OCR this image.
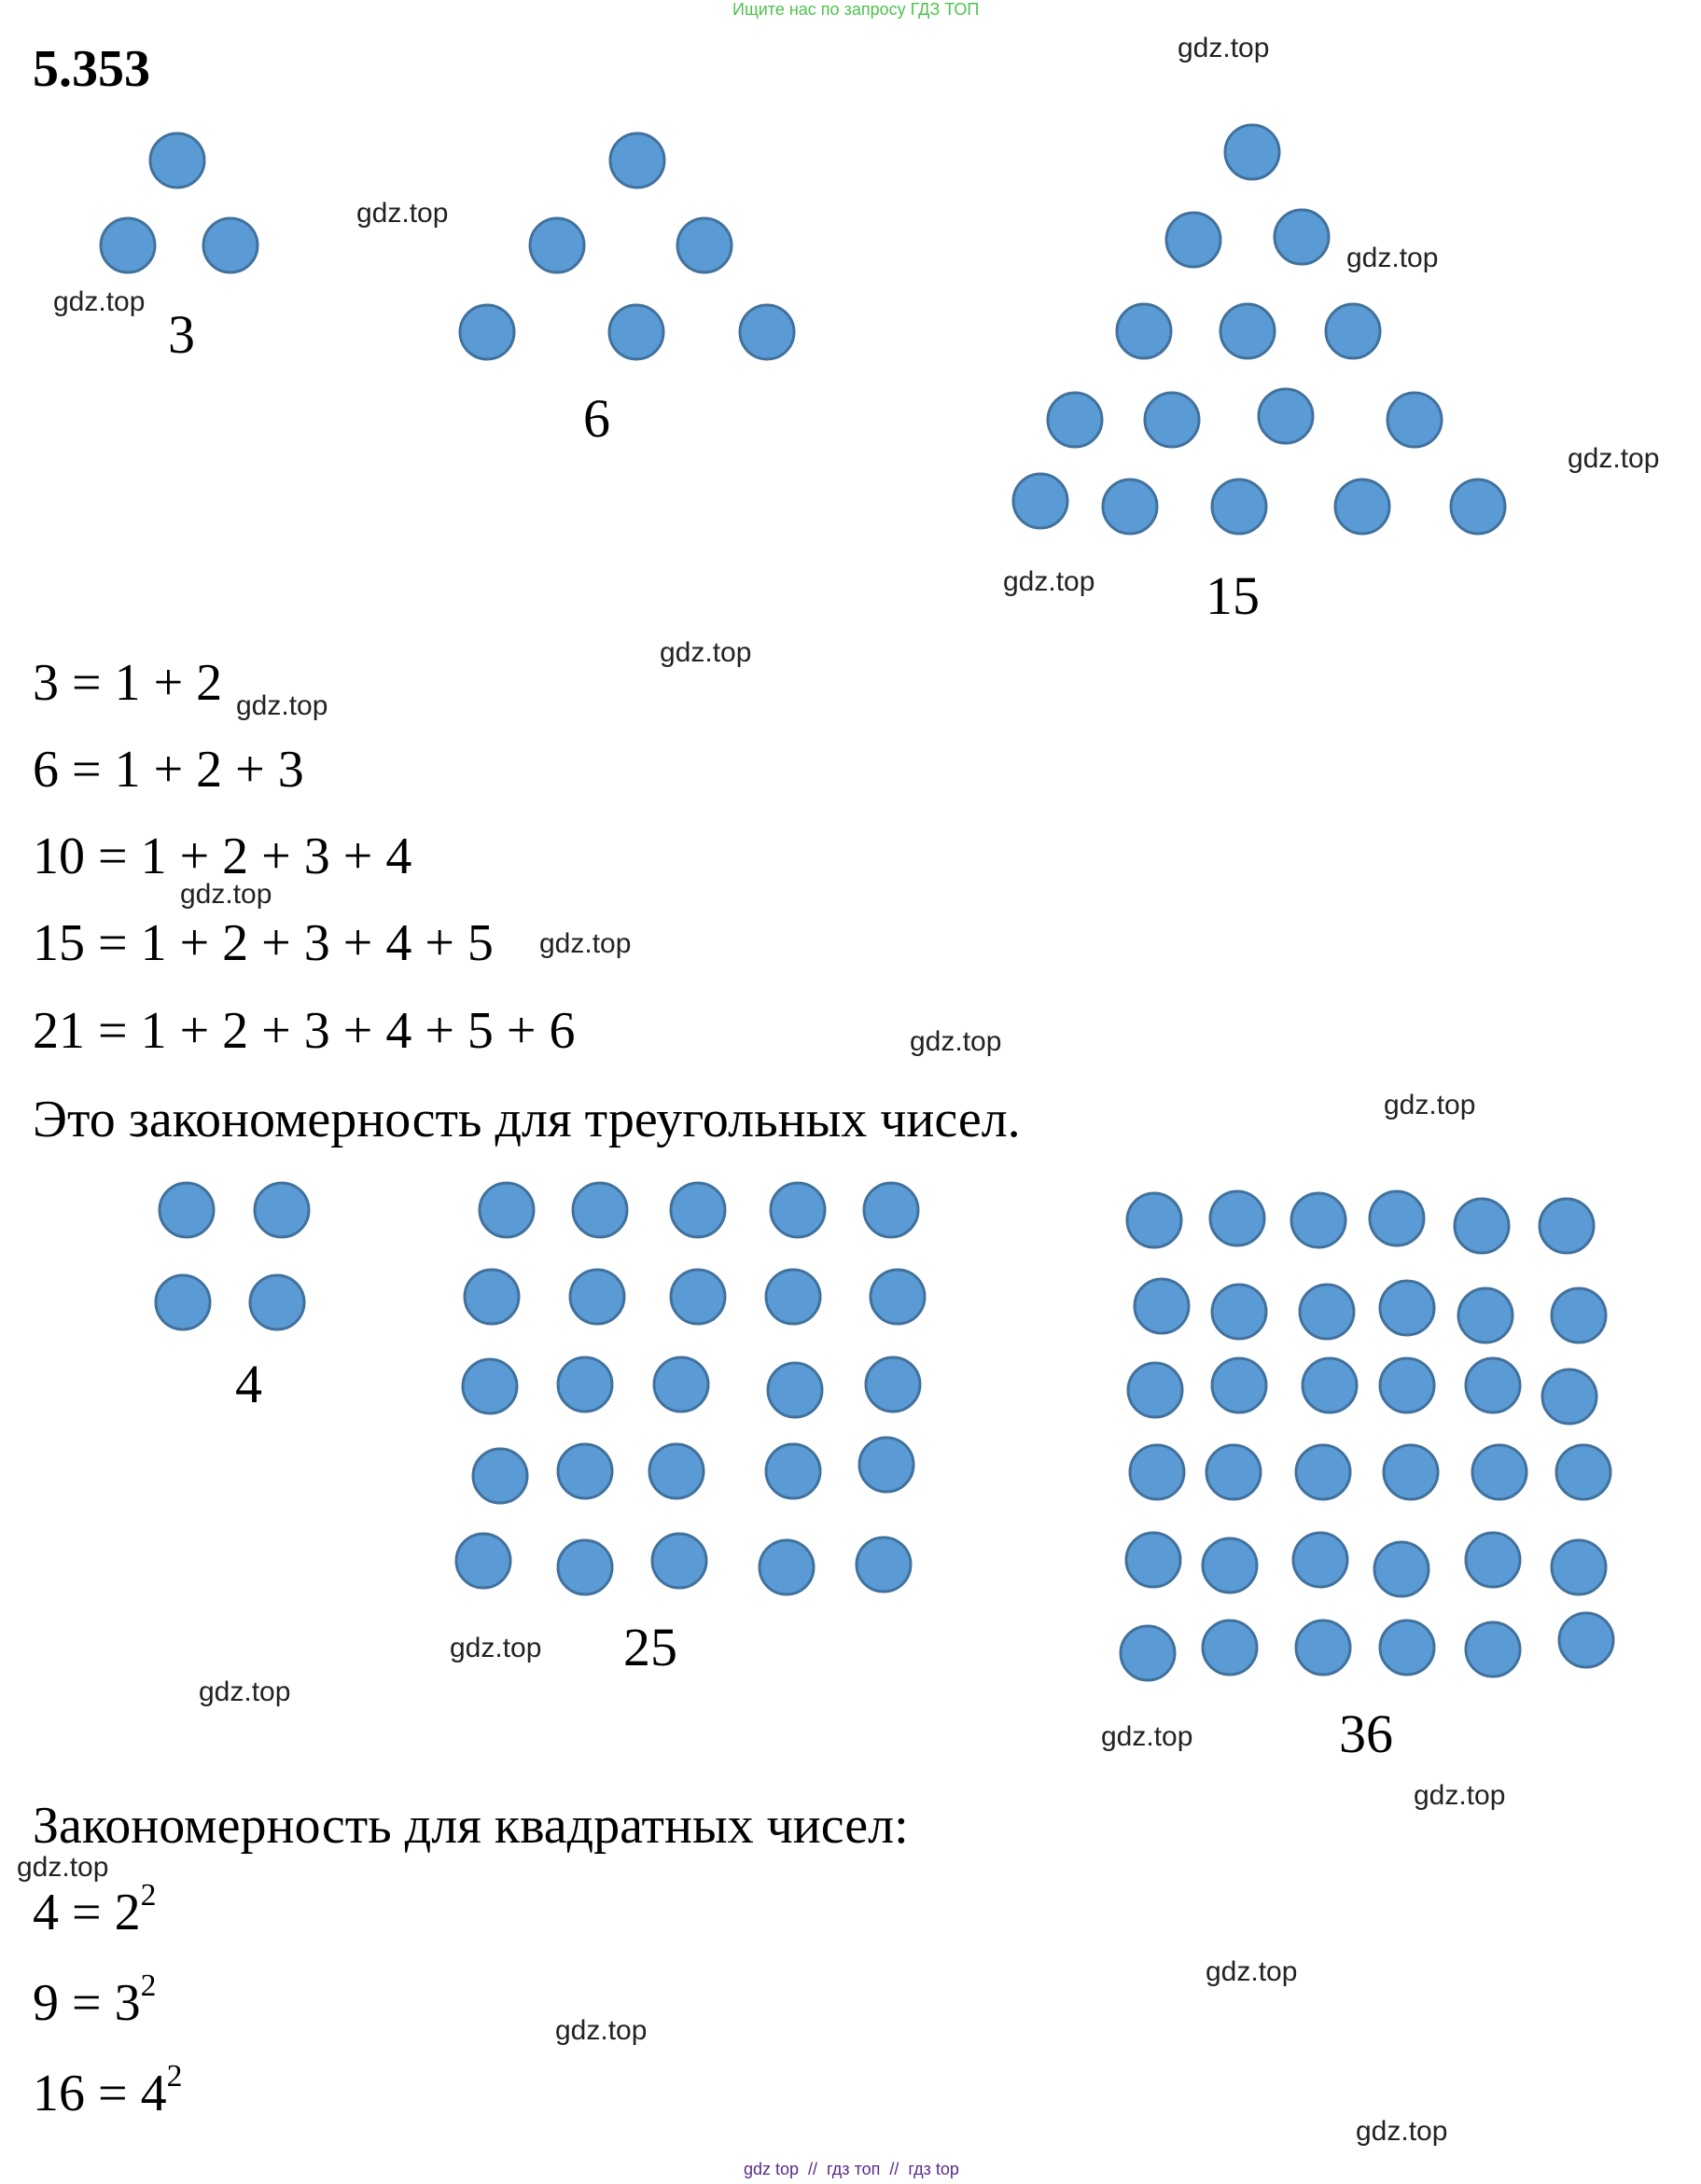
Ищите нас по запросу ГДЗ ТОП
5.353
3
6
15
3 = 1 + 2
6 = 1 + 2 + 3
10 = 1 + 2 + 3 + 4
15 = 1 + 2 + 3 + 4 + 5
21 = 1 + 2 + 3 + 4 + 5 + 6
Это закономерность для треугольных чисел.
4
25
36
Закономерность для квадратных чисел:
$4 = 2^2$
$9 = 3^2$
$16 = 4^2$
gdz.top
gdz.top
gdz.top
gdz.top
gdz.top
gdz.top
gdz.top
gdz.top
gdz.top
gdz.top
gdz.top
gdz.top
gdz.top
gdz.top
gdz.top
gdz.top
gdz.top
gdz.top
gdz.top
gdz.top
gdz top  //  гдз топ  //  гдз top
